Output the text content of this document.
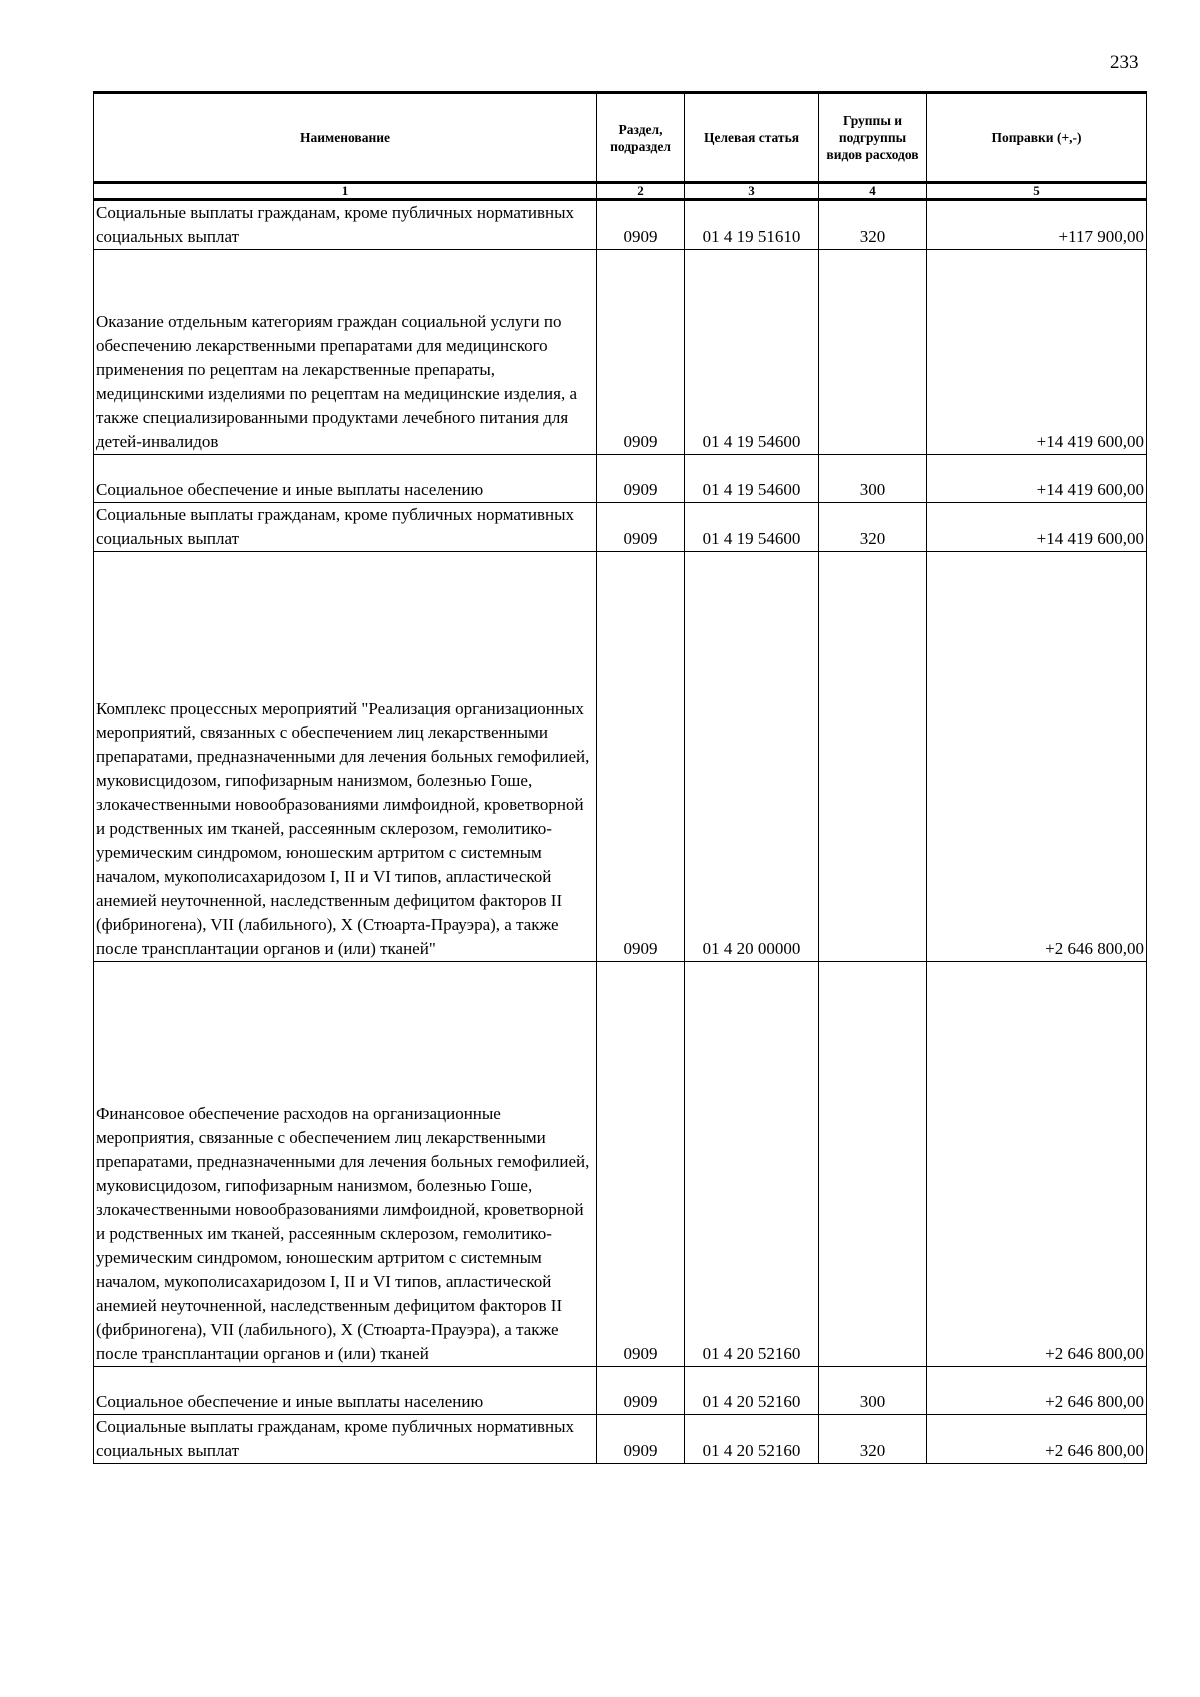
233
Наименование	Раздел, подраздел	Целевая статья	Группы и подгруппы видов расходов	Поправки (+,-)
1	2	3	4	5
Социальные выплаты гражданам, кроме публичных нормативных социальных выплат	0909	01 4 19 51610	320	+117 900,00
Оказание отдельным категориям граждан социальной услуги по обеспечению лекарственными препаратами для медицинского применения по рецептам на лекарственные препараты, медицинскими изделиями по рецептам на медицинские изделия, а также специализированными продуктами лечебного питания для детей-инвалидов	0909	01 4 19 54600		+14 419 600,00
Социальное обеспечение и иные выплаты населению	0909	01 4 19 54600	300	+14 419 600,00
Социальные выплаты гражданам, кроме публичных нормативных социальных выплат	0909	01 4 19 54600	320	+14 419 600,00
Комплекс процессных мероприятий "Реализация организационных мероприятий, связанных с обеспечением лиц лекарственными препаратами, предназначенными для лечения больных гемофилией, муковисцидозом, гипофизарным нанизмом, болезнью Гоше, злокачественными новообразованиями лимфоидной, кроветворной и родственных им тканей, рассеянным склерозом, гемолитико-уремическим синдромом, юношеским артритом с системным началом, мукополисахаридозом I, II и VI типов, апластической анемией неуточненной, наследственным дефицитом факторов II (фибриногена), VII (лабильного), X (Стюарта-Прауэра), а также после трансплантации органов и (или) тканей"	0909	01 4 20 00000		+2 646 800,00
Финансовое обеспечение расходов на организационные мероприятия, связанные с обеспечением лиц лекарственными препаратами, предназначенными для лечения больных гемофилией, муковисцидозом, гипофизарным нанизмом, болезнью Гоше, злокачественными новообразованиями лимфоидной, кроветворной и родственных им тканей, рассеянным склерозом, гемолитико-уремическим синдромом, юношеским артритом с системным началом, мукополисахаридозом I, II и VI типов, апластической анемией неуточненной, наследственным дефицитом факторов II (фибриногена), VII (лабильного), X (Стюарта-Прауэра), а также после трансплантации органов и (или) тканей	0909	01 4 20 52160		+2 646 800,00
Социальное обеспечение и иные выплаты населению	0909	01 4 20 52160	300	+2 646 800,00
Социальные выплаты гражданам, кроме публичных нормативных социальных выплат	0909	01 4 20 52160	320	+2 646 800,00
